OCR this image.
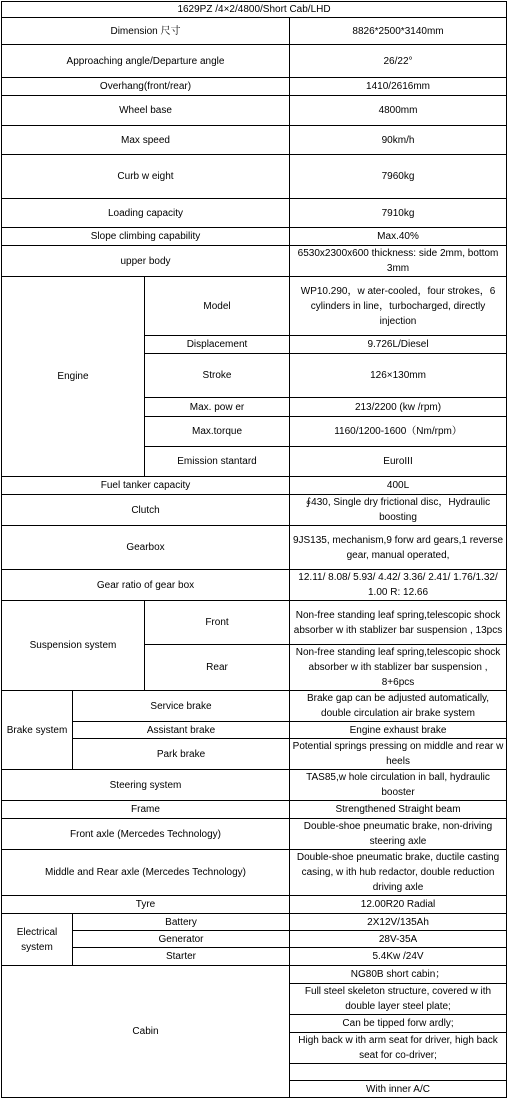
1629PZ /4×2/4800/Short Cab/LHD			
Dimension 尺寸			8826*2500*3140mm
Approaching angle/Departure angle			26/22°
Overhang(front/rear)			1410/2616mm
Wheel base			4800mm
Max speed			90km/h
Curb w eight			7960kg
Loading capacity			7910kg
Slope climbing capability			Max.40%
upper body			6530x2300x600 thickness: side 2mm, bottom 3mm
Engine		Model	WP10.290，w ater-cooled，four strokes，6 cylinders in line，turbocharged, directly injection
		Displacement	9.726L/Diesel
		Stroke	126×130mm
		Max. pow er	213/2200 (kw /rpm)
		Max.torque	1160/1200-1600（Nm/rpm）
		Emission stantard	EuroIII
Fuel tanker capacity			400L
Clutch			∮430, Single dry frictional disc，Hydraulic boosting
Gearbox			9JS135, mechanism,9 forw ard gears,1 reverse gear, manual operated,
Gear ratio of gear box			12.11/ 8.08/ 5.93/ 4.42/ 3.36/ 2.41/ 1.76/1.32/ 1.00 R: 12.66
Suspension system		Front	Non-free standing leaf spring,telescopic shock absorber w ith stablizer bar suspension , 13pcs
		Rear	Non-free standing leaf spring,telescopic shock absorber w ith stablizer bar suspension , 8+6pcs
Brake system	Service brake		Brake gap can be adjusted automatically, double circulation air brake system
	Assistant brake		Engine exhaust brake
	Park brake		Potential springs pressing on middle and rear w heels
Steering system			TAS85,w hole circulation in ball, hydraulic booster
Frame			Strengthened Straight beam
Front axle (Mercedes Technology)			Double-shoe pneumatic brake, non-driving steering axle
Middle and Rear axle (Mercedes Technology)			Double-shoe pneumatic brake, ductile casting casing, w ith hub redactor, double reduction driving axle
Tyre			12.00R20 Radial
Electrical system	Battery		2X12V/135Ah
	Generator		28V-35A
	Starter		5.4Kw /24V
Cabin			NG80B short cabin；
			Full steel skeleton structure, covered w ith double layer steel plate;
			Can be tipped forw ardly;
			High back w ith arm seat for driver, high back seat for co-driver;

			With inner A/C
